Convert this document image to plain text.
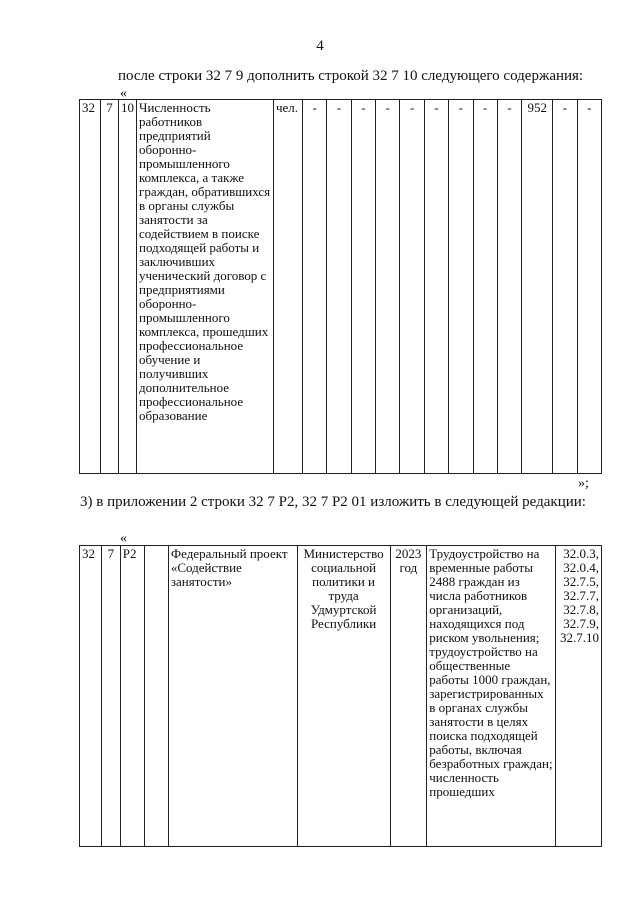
4
после строки 32 7 9 дополнить строкой 32 7 10 следующего содержания:
«
32	7	10	Численность работников предприятий оборонно-промышленного комплекса, а также граждан, обратившихся в органы службы занятости за содействием в поиске подходящей работы и заключивших ученический договор с предприятиями оборонно-промышленного комплекса, прошедших профессиональное обучение и получивших дополнительное профессиональное образование	чел.	-	-	-	-	-	-	-	-	-	952	-	-
»;
3) в приложении 2 строки 32 7 Р2, 32 7 Р2 01 изложить в следующей редакции:
«
32	7	Р2		Федеральный проект «Содействие занятости»	Министерство социальной политики и труда Удмуртской Республики	2023 год	Трудоустройство на временные работы 2488 граждан из числа работников организаций, находящихся под риском увольнения; трудоустройство на общественные работы 1000 граждан, зарегистрированных в органах службы занятости в целях поиска подходящей работы, включая безработных граждан; численность прошедших	32.0.3, 32.0.4, 32.7.5, 32.7.7, 32.7.8, 32.7.9, 32.7.10
